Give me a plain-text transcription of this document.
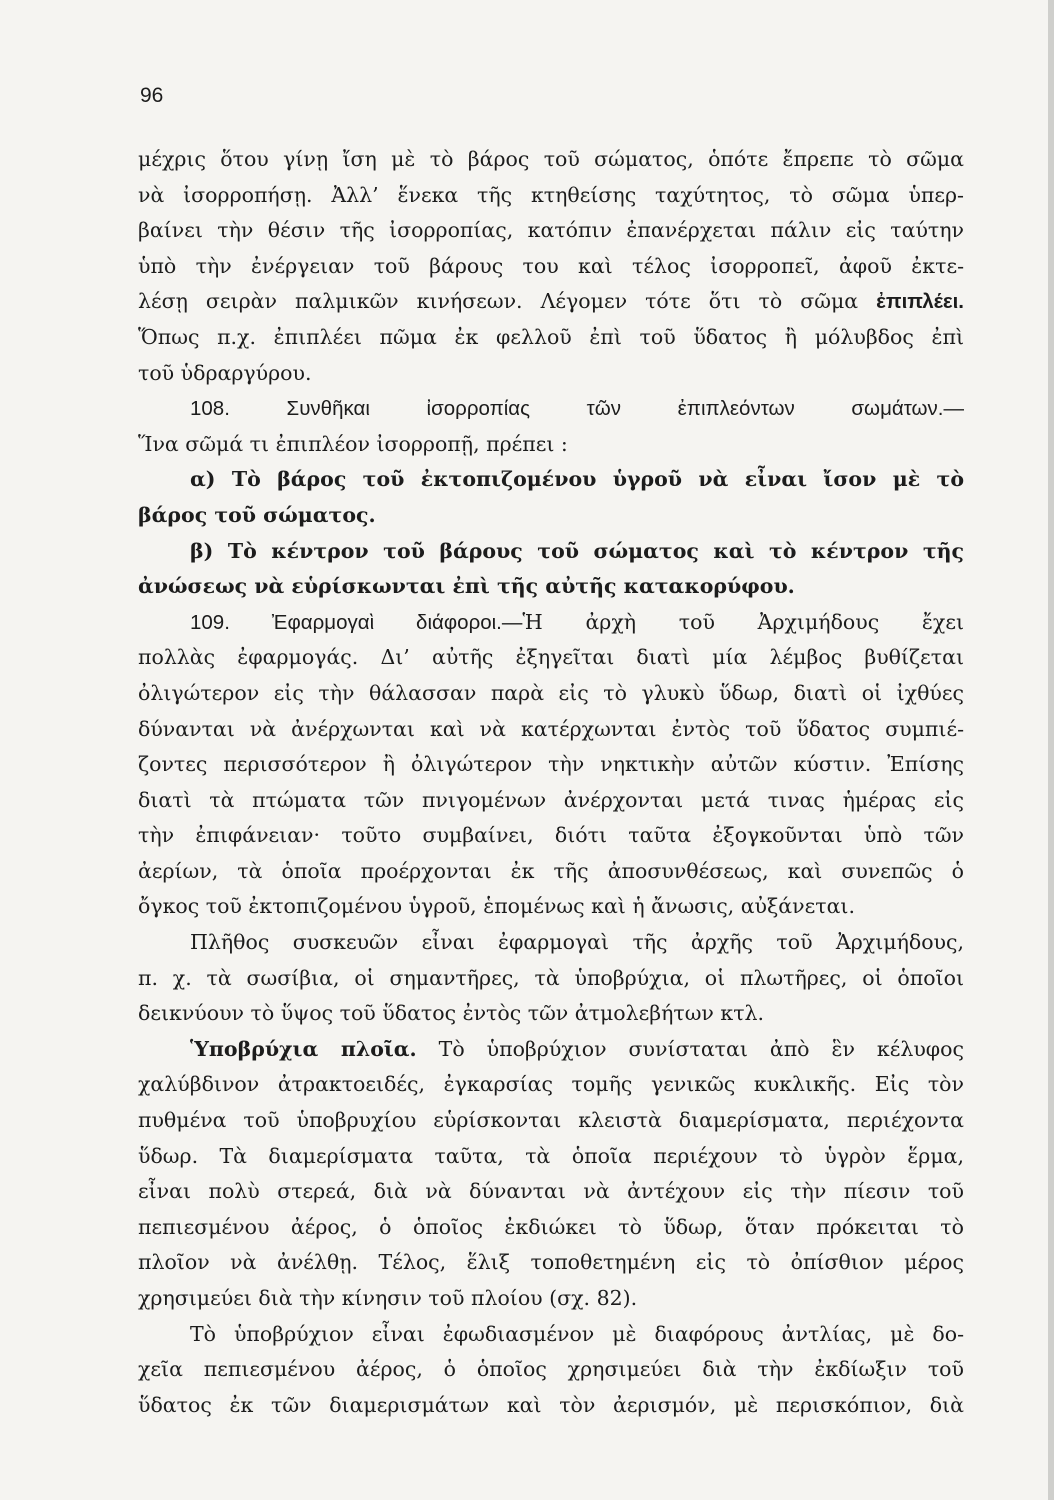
96
μέχρις ὅτου γίνῃ ἴση μὲ τὸ βάρος τοῦ σώματος, ὁπότε ἔπρεπε τὸ σῶμα
νὰ ἰσορροπήσῃ. Ἀλλ’ ἕνεκα τῆς κτηθείσης ταχύτητος, τὸ σῶμα ὑπερ-
βαίνει τὴν θέσιν τῆς ἰσορροπίας, κατόπιν ἐπανέρχεται πάλιν εἰς ταύτην
ὑπὸ τὴν ἐνέργειαν τοῦ βάρους του καὶ τέλος ἰσορροπεῖ, ἀφοῦ ἐκτε-
λέσῃ σειρὰν παλμικῶν κινήσεων. Λέγομεν τότε ὅτι τὸ σῶμα ἐπιπλέει.
Ὅπως π.χ. ἐπιπλέει πῶμα ἐκ φελλοῦ ἐπὶ τοῦ ὕδατος ἢ μόλυβδος ἐπὶ
τοῦ ὑδραργύρου.
108. Συνθῆκαι ἰσορροπίας τῶν ἐπιπλεόντων σωμάτων.—
Ἵνα σῶμά τι ἐπιπλέον ἰσορροπῇ, πρέπει :
α) Τὸ βάρος τοῦ ἐκτοπιζομένου ὑγροῦ νὰ εἶναι ἴσον μὲ τὸ
βάρος τοῦ σώματος.
β) Τὸ κέντρον τοῦ βάρους τοῦ σώματος καὶ τὸ κέντρον τῆς
ἀνώσεως νὰ εὑρίσκωνται ἐπὶ τῆς αὐτῆς κατακορύφου.
109. Ἐφαρμογαὶ διάφοροι.—Ἡ ἀρχὴ τοῦ Ἀρχιμήδους ἔχει
πολλὰς ἐφαρμογάς. Δι’ αὐτῆς ἐξηγεῖται διατὶ μία λέμβος βυθίζεται
ὀλιγώτερον εἰς τὴν θάλασσαν παρὰ εἰς τὸ γλυκὺ ὕδωρ, διατὶ οἱ ἰχθύες
δύνανται νὰ ἀνέρχωνται καὶ νὰ κατέρχωνται ἐντὸς τοῦ ὕδατος συμπιέ-
ζοντες περισσότερον ἢ ὀλιγώτερον τὴν νηκτικὴν αὐτῶν κύστιν. Ἐπίσης
διατὶ τὰ πτώματα τῶν πνιγομένων ἀνέρχονται μετά τινας ἡμέρας εἰς
τὴν ἐπιφάνειαν· τοῦτο συμβαίνει, διότι ταῦτα ἐξογκοῦνται ὑπὸ τῶν
ἀερίων, τὰ ὁποῖα προέρχονται ἐκ τῆς ἀποσυνθέσεως, καὶ συνεπῶς ὁ
ὄγκος τοῦ ἐκτοπιζομένου ὑγροῦ, ἑπομένως καὶ ἡ ἄνωσις, αὐξάνεται.
Πλῆθος συσκευῶν εἶναι ἐφαρμογαὶ τῆς ἀρχῆς τοῦ Ἀρχιμήδους,
π. χ. τὰ σωσίβια, οἱ σημαντῆρες, τὰ ὑποβρύχια, οἱ πλωτῆρες, οἱ ὁποῖοι
δεικνύουν τὸ ὕψος τοῦ ὕδατος ἐντὸς τῶν ἀτμολεβήτων κτλ.
Ὑποβρύχια πλοῖα. Τὸ ὑποβρύχιον συνίσταται ἀπὸ ἓν κέλυφος
χαλύβδινον ἀτρακτοειδές, ἐγκαρσίας τομῆς γενικῶς κυκλικῆς. Εἰς τὸν
πυθμένα τοῦ ὑποβρυχίου εὑρίσκονται κλειστὰ διαμερίσματα, περιέχοντα
ὕδωρ. Τὰ διαμερίσματα ταῦτα, τὰ ὁποῖα περιέχουν τὸ ὑγρὸν ἕρμα,
εἶναι πολὺ στερεά, διὰ νὰ δύνανται νὰ ἀντέχουν εἰς τὴν πίεσιν τοῦ
πεπιεσμένου ἀέρος, ὁ ὁποῖος ἐκδιώκει τὸ ὕδωρ, ὅταν πρόκειται τὸ
πλοῖον νὰ ἀνέλθῃ. Τέλος, ἕλιξ τοποθετημένη εἰς τὸ ὀπίσθιον μέρος
χρησιμεύει διὰ τὴν κίνησιν τοῦ πλοίου (σχ. 82).
Τὸ ὑποβρύχιον εἶναι ἐφωδιασμένον μὲ διαφόρους ἀντλίας, μὲ δο-
χεῖα πεπιεσμένου ἀέρος, ὁ ὁποῖος χρησιμεύει διὰ τὴν ἐκδίωξιν τοῦ
ὕδατος ἐκ τῶν διαμερισμάτων καὶ τὸν ἀερισμόν, μὲ περισκόπιον, διὰ
